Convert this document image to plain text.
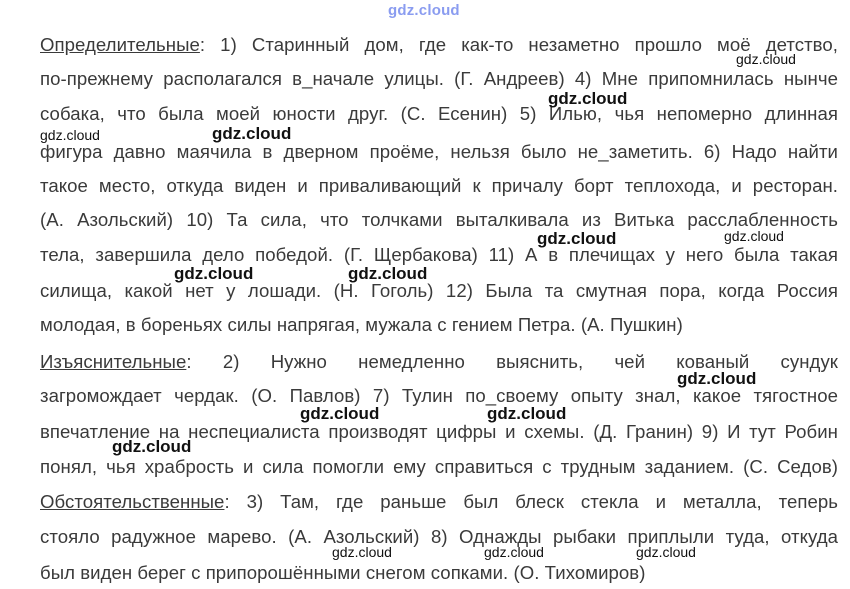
gdz.cloud
Определительные: 1) Старинный дом, где как-то незаметно прошло моё детство,
по-прежнему располагался в_начале улицы. (Г. Андреев) 4) Мне припомнилась нынче
собака, что была моей юности друг. (С. Есенин) 5) Илью, чья непомерно длинная
фигура давно маячила в дверном проёме, нельзя было не_заметить. 6) Надо найти
такое место, откуда виден и приваливающий к причалу борт теплохода, и ресторан.
(А. Азольский) 10) Та сила, что толчками выталкивала из Витька расслабленность
тела, завершила дело победой. (Г. Щербакова) 11) А в плечищах у него была такая
силища, какой нет у лошади. (Н. Гоголь) 12) Была та смутная пора, когда Россия
молодая, в бореньях силы напрягая, мужала с гением Петра. (А. Пушкин)
Изъяснительные: 2) Нужно немедленно выяснить, чей кованый сундук
загромождает чердак. (О. Павлов) 7) Тулин по_своему опыту знал, какое тягостное
впечатление на неспециалиста производят цифры и схемы. (Д. Гранин) 9) И тут Робин
понял, чья храбрость и сила помогли ему справиться с трудным заданием. (С. Седов)
Обстоятельственные: 3) Там, где раньше был блеск стекла и металла, теперь
стояло радужное марево. (А. Азольский) 8) Однажды рыбаки приплыли туда, откуда
был виден берег с припорошёнными снегом сопками. (О. Тихомиров)
gdz.cloud
gdz.cloud
gdz.cloud	gdz.cloud
gdz.cloud	gdz.cloud
gdz.cloud	gdz.cloud
gdz.cloud
gdz.cloud	gdz.cloud
gdz.cloud
gdz.cloud	gdz.cloud	gdz.cloud
